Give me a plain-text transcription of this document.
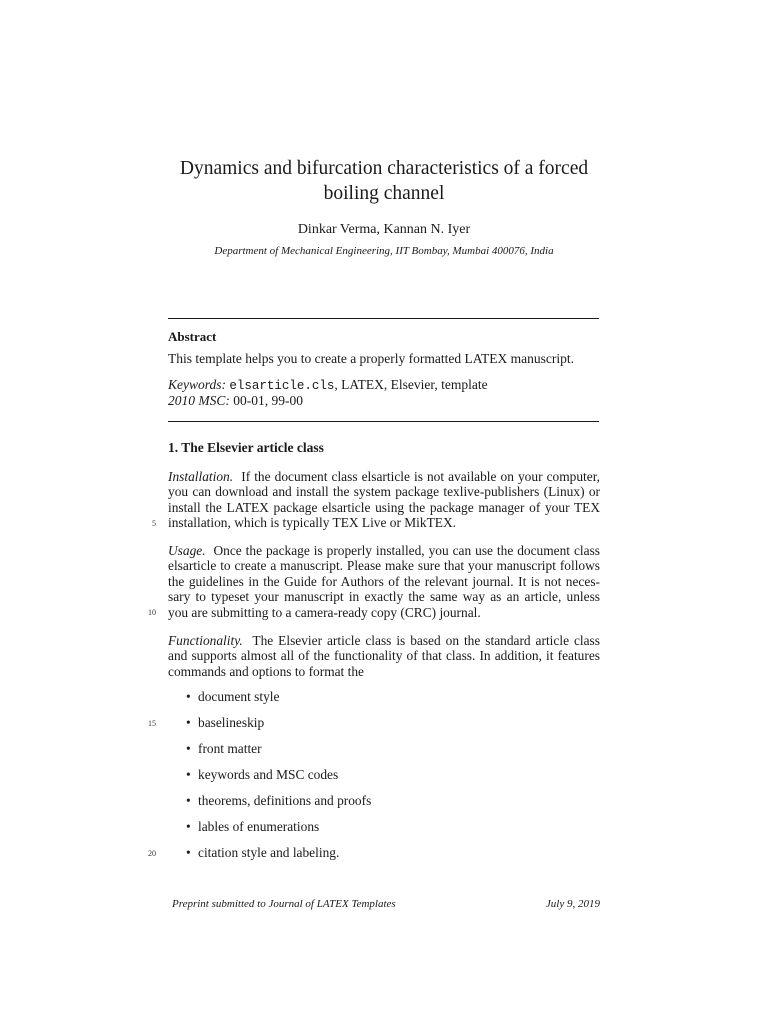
Dynamics and bifurcation characteristics of a forced
boiling channel
Dinkar Verma, Kannan N. Iyer
Department of Mechanical Engineering, IIT Bombay, Mumbai 400076, India
Abstract
This template helps you to create a properly formatted LATEX manuscript.
Keywords: elsarticle.cls, LATEX, Elsevier, template
2010 MSC: 00-01, 99-00
1. The Elsevier article class
Installation. If the document class elsarticle is not available on your computer,
you can download and install the system package texlive-publishers (Linux) or
install the LATEX package elsarticle using the package manager of your TEX
installation, which is typically TEX Live or MikTEX.
5
Usage. Once the package is properly installed, you can use the document class
elsarticle to create a manuscript. Please make sure that your manuscript follows
the guidelines in the Guide for Authors of the relevant journal. It is not neces-
sary to typeset your manuscript in exactly the same way as an article, unless
you are submitting to a camera-ready copy (CRC) journal.
10
Functionality. The Elsevier article class is based on the standard article class
and supports almost all of the functionality of that class. In addition, it features
commands and options to format the
• document style
• baselineskip
15
• front matter
• keywords and MSC codes
• theorems, definitions and proofs
• lables of enumerations
• citation style and labeling.
20
Preprint submitted to Journal of LATEX Templates	July 9, 2019
